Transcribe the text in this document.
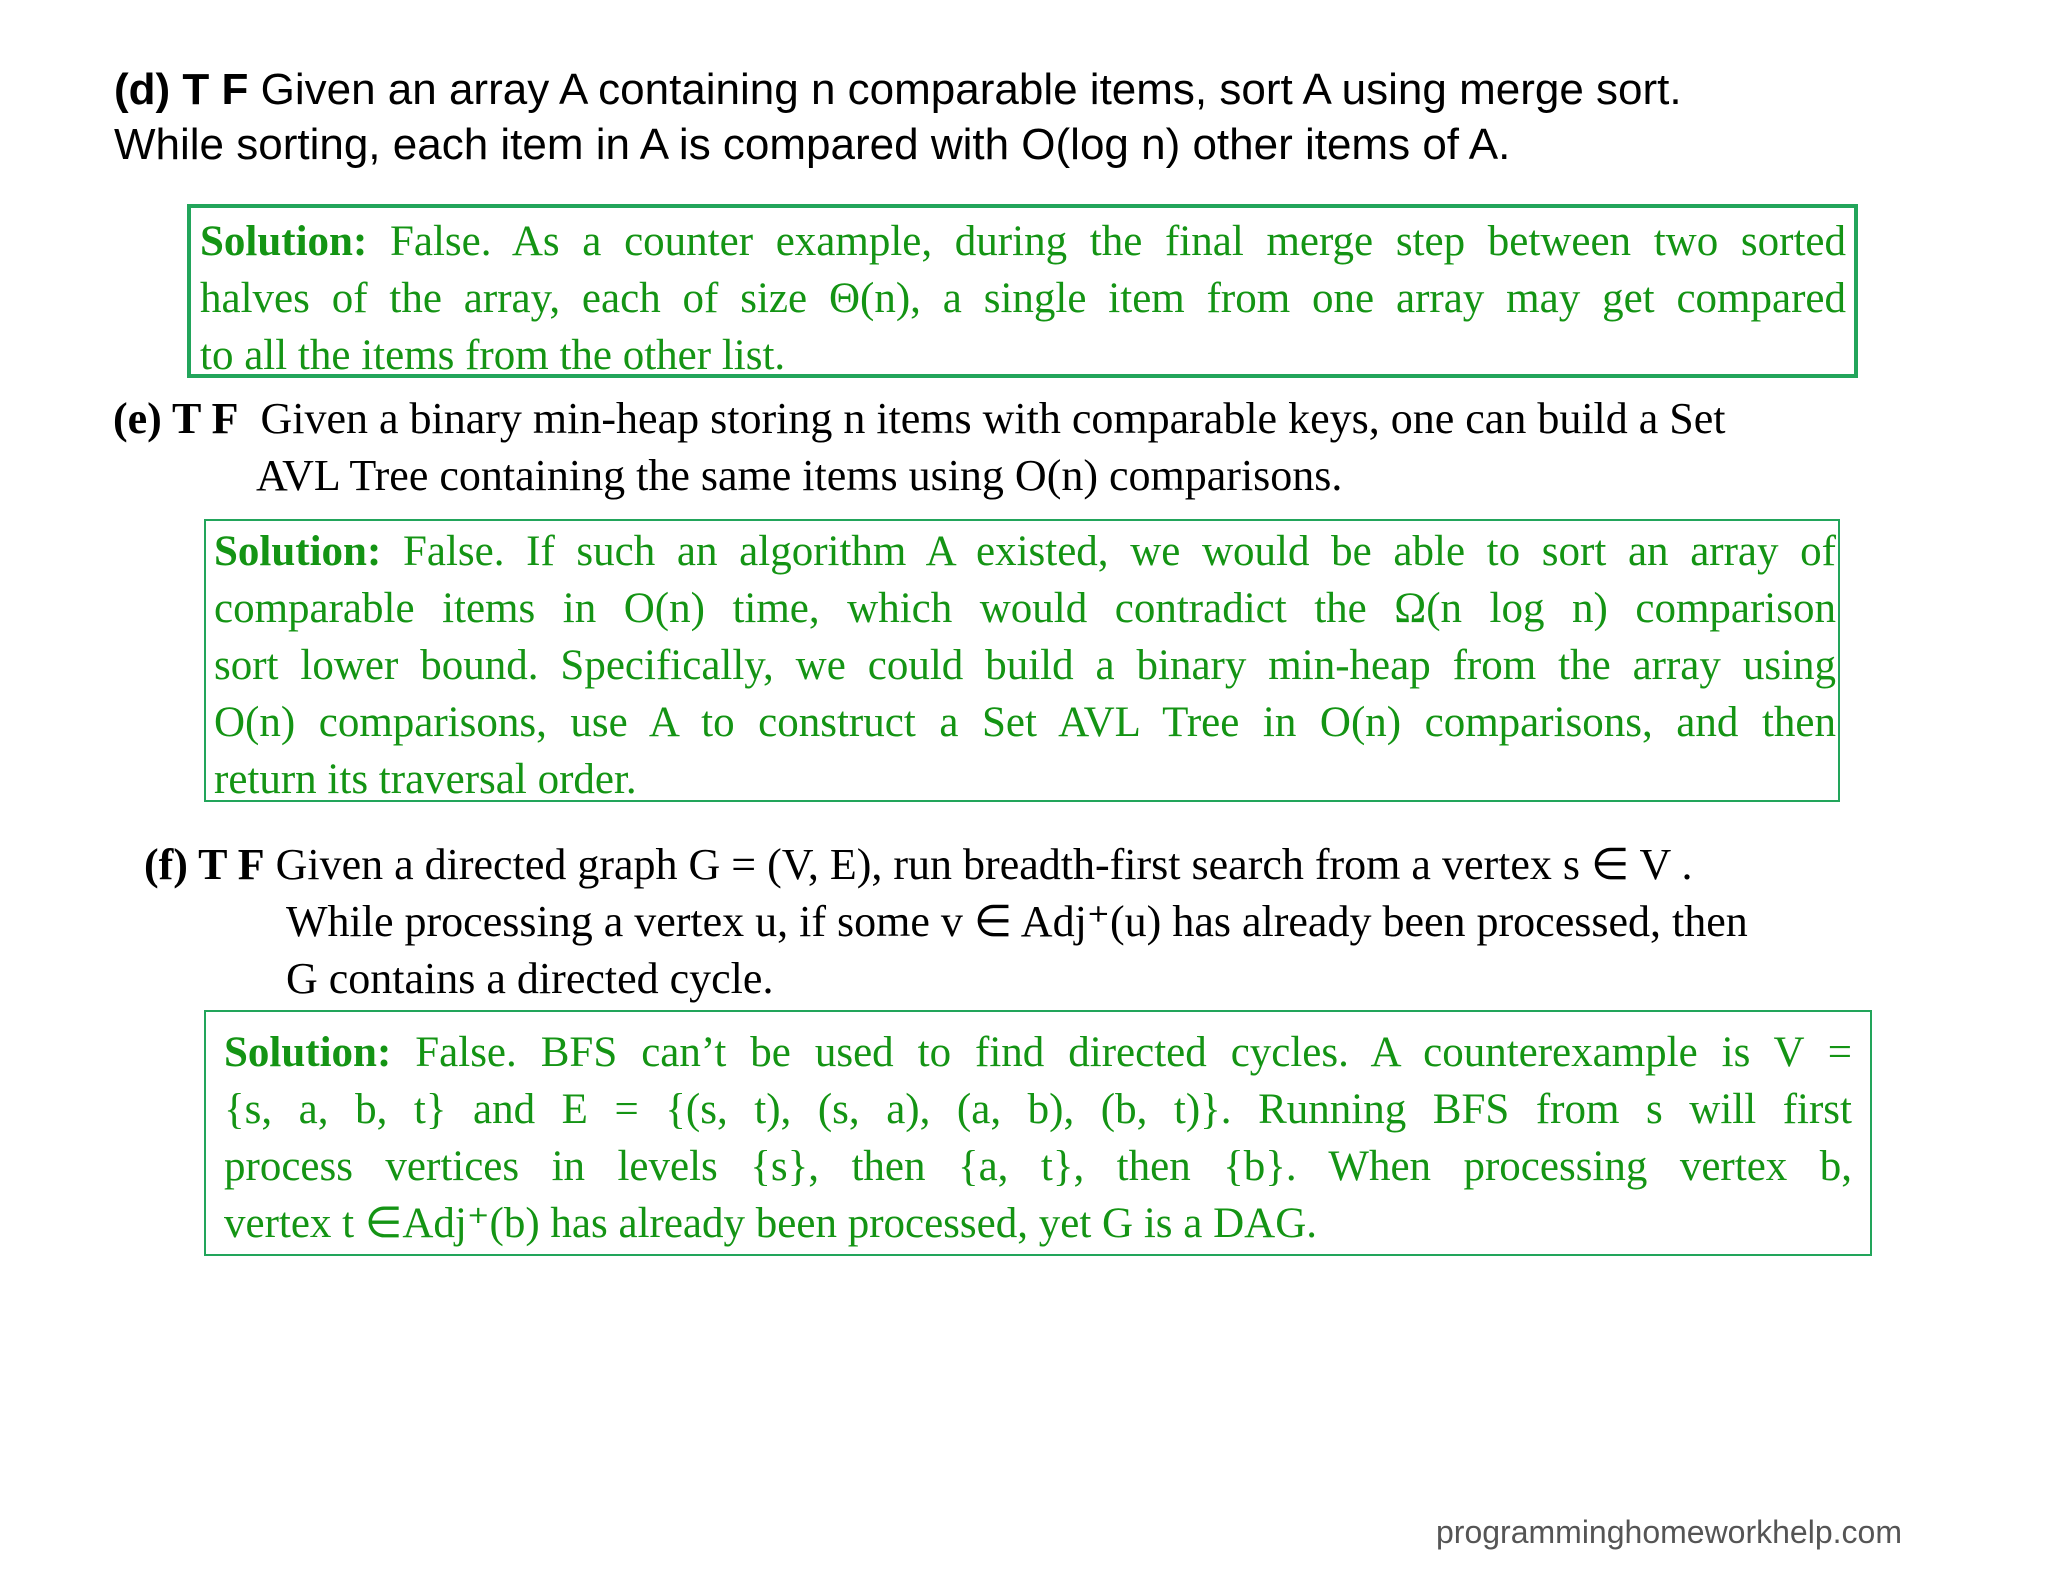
(d) T F Given an array A containing n comparable items, sort A using merge sort.
While sorting, each item in A is compared with O(log n) other items of A.
Solution: False. As a counter example, during the final merge step between two sorted
halves of the array, each of size Θ(n), a single item from one array may get compared
to all the items from the other list.
(e) T F Given a binary min-heap storing n items with comparable keys, one can build a Set
AVL Tree containing the same items using O(n) comparisons.
Solution: False. If such an algorithm A existed, we would be able to sort an array of
comparable items in O(n) time, which would contradict the Ω(n log n) comparison
sort lower bound. Specifically, we could build a binary min-heap from the array using
O(n) comparisons, use A to construct a Set AVL Tree in O(n) comparisons, and then
return its traversal order.
(f) T F Given a directed graph G = (V, E), run breadth-first search from a vertex s ∈ V .
While processing a vertex u, if some v ∈ Adj⁺(u) has already been processed, then
G contains a directed cycle.
Solution: False. BFS can’t be used to find directed cycles. A counterexample is V =
{s, a, b, t} and E = {(s, t), (s, a), (a, b), (b, t)}. Running BFS from s will first
process vertices in levels {s}, then {a, t}, then {b}. When processing vertex b,
vertex t ∈Adj⁺(b) has already been processed, yet G is a DAG.
programminghomeworkhelp.com
